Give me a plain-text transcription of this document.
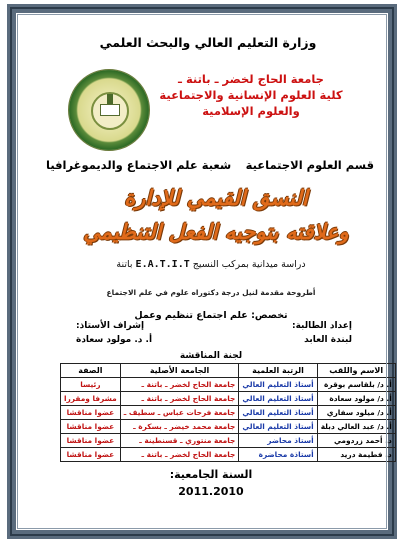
وزارة التعليم العالي والبحث العلمي
جامعة الحاج لخضر ـ باتنة ـ
كلية العلوم الإنسانية والاجتماعية
والعلوم الإسلامية
قسم العلوم الاجتماعية
شعبة علم الاجتماع والديموغرافيا
النسق القيمي للإدارة
وعلاقته بتوجيه الفعل التنظيمي
دراسة ميدانية بمركب النسيج E.A.T.I.T باتنة
أطروحة مقدمة لنيل درجة دكتوراه علوم في علم الاجتماع
تخصص: علم اجتماع تنظيم وعمل
إعداد الطالبة:
لبندة العابد
إشراف الأستاذ:
أ. د. مولود سعادة
لجنة المناقشة
الاسم واللقب	الرتبة العلمية	الجامعة الأصلية	الصفة
أ. د/ بلقاسم بوقرة	أستاذ التعليم العالي	جامعة الحاج لخضر ـ باتنة ـ	رئيسا
أ. د/ مولود سعادة	أستاذ التعليم العالي	جامعة الحاج لخضر ـ باتنة ـ	مشرفا ومقررا
أ. د/ ميلود سفاري	أستاذ التعليم العالي	جامعة فرحات عباس ـ سطيف ـ	عضوا مناقشا
أ. د/ عبد العالي دبلة	أستاذ التعليم العالي	جامعة محمد خيضر ـ بسكرة ـ	عضوا مناقشا
د. أحمد زردومي	أستاذ محاضر	جامعة منتوري ـ قسنطينة ـ	عضوا مناقشا
د. فطيمة دريد	أستاذة محاضرة	جامعة الحاج لخضر ـ باتنة ـ	عضوا مناقشا
السنة الجامعية:
2011.2010
